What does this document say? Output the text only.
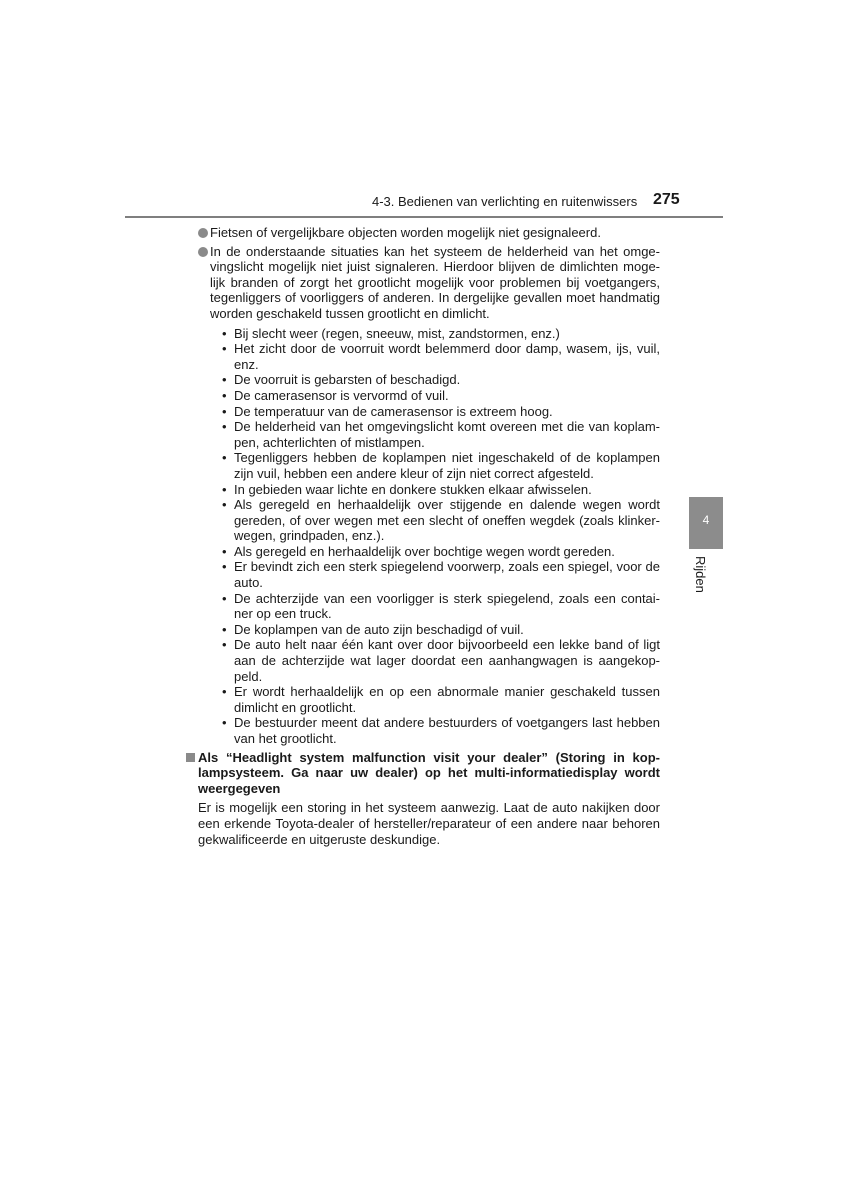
4-3. Bedienen van verlichting en ruitenwissers 275
Fietsen of vergelijkbare objecten worden mogelijk niet gesignaleerd.
In de onderstaande situaties kan het systeem de helderheid van het omge-vingslicht mogelijk niet juist signaleren. Hierdoor blijven de dimlichten moge-lijk branden of zorgt het grootlicht mogelijk voor problemen bij voetgangers, tegenliggers of voorliggers of anderen. In dergelijke gevallen moet handmatig worden geschakeld tussen grootlicht en dimlicht.
• Bij slecht weer (regen, sneeuw, mist, zandstormen, enz.)
• Het zicht door de voorruit wordt belemmerd door damp, wasem, ijs, vuil, enz.
• De voorruit is gebarsten of beschadigd.
• De camerasensor is vervormd of vuil.
• De temperatuur van de camerasensor is extreem hoog.
• De helderheid van het omgevingslicht komt overeen met die van koplam-pen, achterlichten of mistlampen.
• Tegenliggers hebben de koplampen niet ingeschakeld of de koplampen zijn vuil, hebben een andere kleur of zijn niet correct afgesteld.
• In gebieden waar lichte en donkere stukken elkaar afwisselen.
• Als geregeld en herhaaldelijk over stijgende en dalende wegen wordt gereden, of over wegen met een slecht of oneffen wegdek (zoals klinker-wegen, grindpaden, enz.).
• Als geregeld en herhaaldelijk over bochtige wegen wordt gereden.
• Er bevindt zich een sterk spiegelend voorwerp, zoals een spiegel, voor de auto.
• De achterzijde van een voorligger is sterk spiegelend, zoals een contai-ner op een truck.
• De koplampen van de auto zijn beschadigd of vuil.
• De auto helt naar één kant over door bijvoorbeeld een lekke band of ligt aan de achterzijde wat lager doordat een aanhangwagen is aangekop-peld.
• Er wordt herhaaldelijk en op een abnormale manier geschakeld tussen dimlicht en grootlicht.
• De bestuurder meent dat andere bestuurders of voetgangers last hebben van het grootlicht.
Als “Headlight system malfunction visit your dealer” (Storing in kop-lampsysteem. Ga naar uw dealer) op het multi-informatiedisplay wordt weergegeven
Er is mogelijk een storing in het systeem aanwezig. Laat de auto nakijken door een erkende Toyota-dealer of hersteller/reparateur of een andere naar behoren gekwalificeerde en uitgeruste deskundige.
4
Rijden
